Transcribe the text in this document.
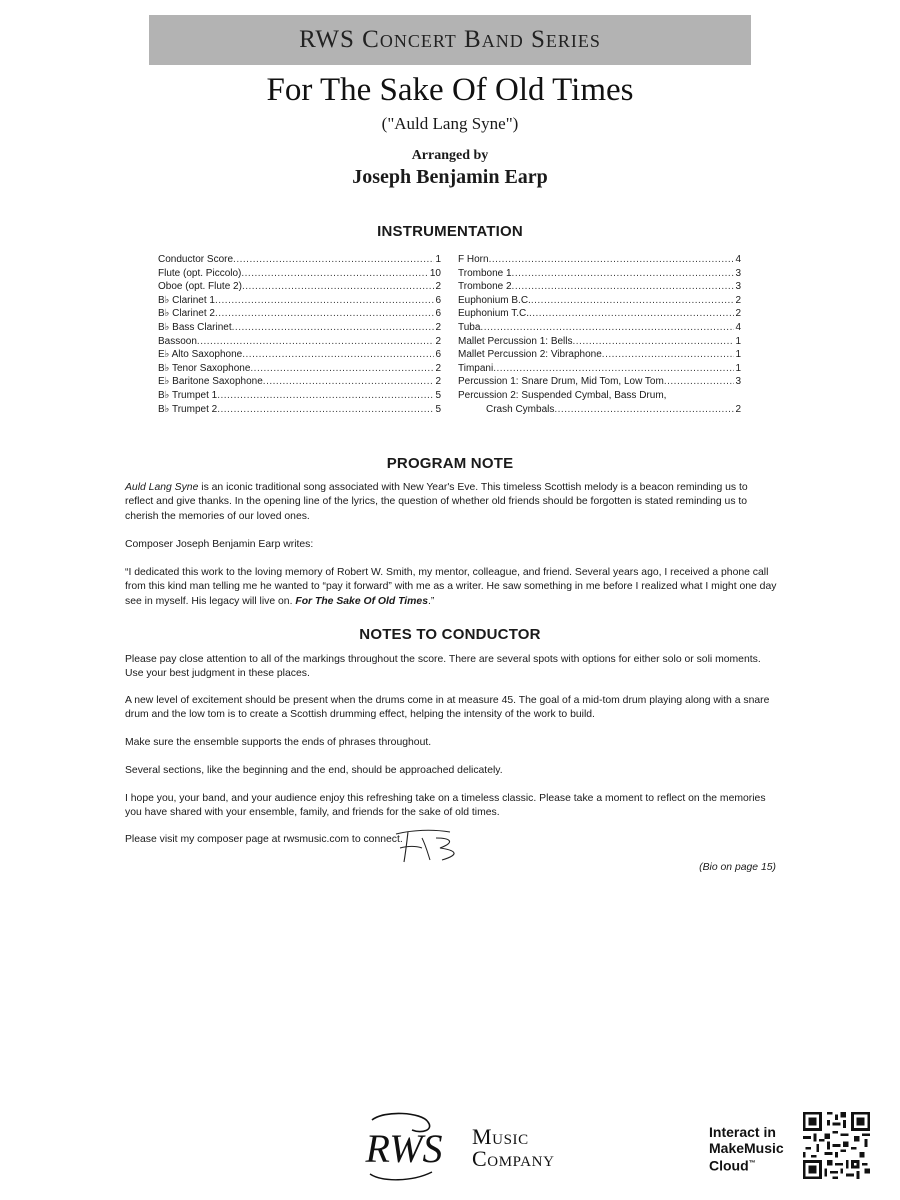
RWS Concert Band Series
For The Sake Of Old Times
("Auld Lang Syne")
Arranged by
Joseph Benjamin Earp
INSTRUMENTATION
Conductor Score .....	1
Flute (opt. Piccolo) .....	10
Oboe (opt. Flute 2) .....	2
B♭ Clarinet 1 .....	6
B♭ Clarinet 2 .....	6
B♭ Bass Clarinet .....	2
Bassoon .....	2
E♭ Alto Saxophone .....	6
B♭ Tenor Saxophone .....	2
E♭ Baritone Saxophone .....	2
B♭ Trumpet 1 .....	5
B♭ Trumpet 2 .....	5
F Horn .....	4
Trombone 1 .....	3
Trombone 2 .....	3
Euphonium B.C. .....	2
Euphonium T.C. .....	2
Tuba .....	4
Mallet Percussion 1: Bells .....	1
Mallet Percussion 2: Vibraphone .....	1
Timpani .....	1
Percussion 1: Snare Drum, Mid Tom, Low Tom .....	3
Percussion 2: Suspended Cymbal, Bass Drum,
Crash Cymbals .....	2
PROGRAM NOTE

Auld Lang Syne is an iconic traditional song associated with New Year's Eve. This timeless Scottish melody is a beacon reminding us to reflect and give thanks. In the opening line of the lyrics, the question of whether old friends should be forgotten is stated reminding us to cherish the memories of our loved ones.

Composer Joseph Benjamin Earp writes:

“I dedicated this work to the loving memory of Robert W. Smith, my mentor, colleague, and friend. Several years ago, I received a phone call from this kind man telling me he wanted to “pay it forward” with me as a writer. He saw something in me before I realized what I might one day see in myself. His legacy will live on. For The Sake Of Old Times.”

NOTES TO CONDUCTOR

Please pay close attention to all of the markings throughout the score. There are several spots with options for either solo or soli moments. Use your best judgment in these places.

A new level of excitement should be present when the drums come in at measure 45. The goal of a mid-tom drum playing along with a snare drum and the low tom is to create a Scottish drumming effect, helping the intensity of the work to build.

Make sure the ensemble supports the ends of phrases throughout.

Several sections, like the beginning and the end, should be approached delicately.

I hope you, your band, and your audience enjoy this refreshing take on a timeless classic. Please take a moment to reflect on the memories you have shared with your ensemble, family, and friends for the sake of old times.

Please visit my composer page at rwsmusic.com to connect.

(Bio on page 15)
RWS Music
Company
Interact in
MakeMusic
Cloud™
